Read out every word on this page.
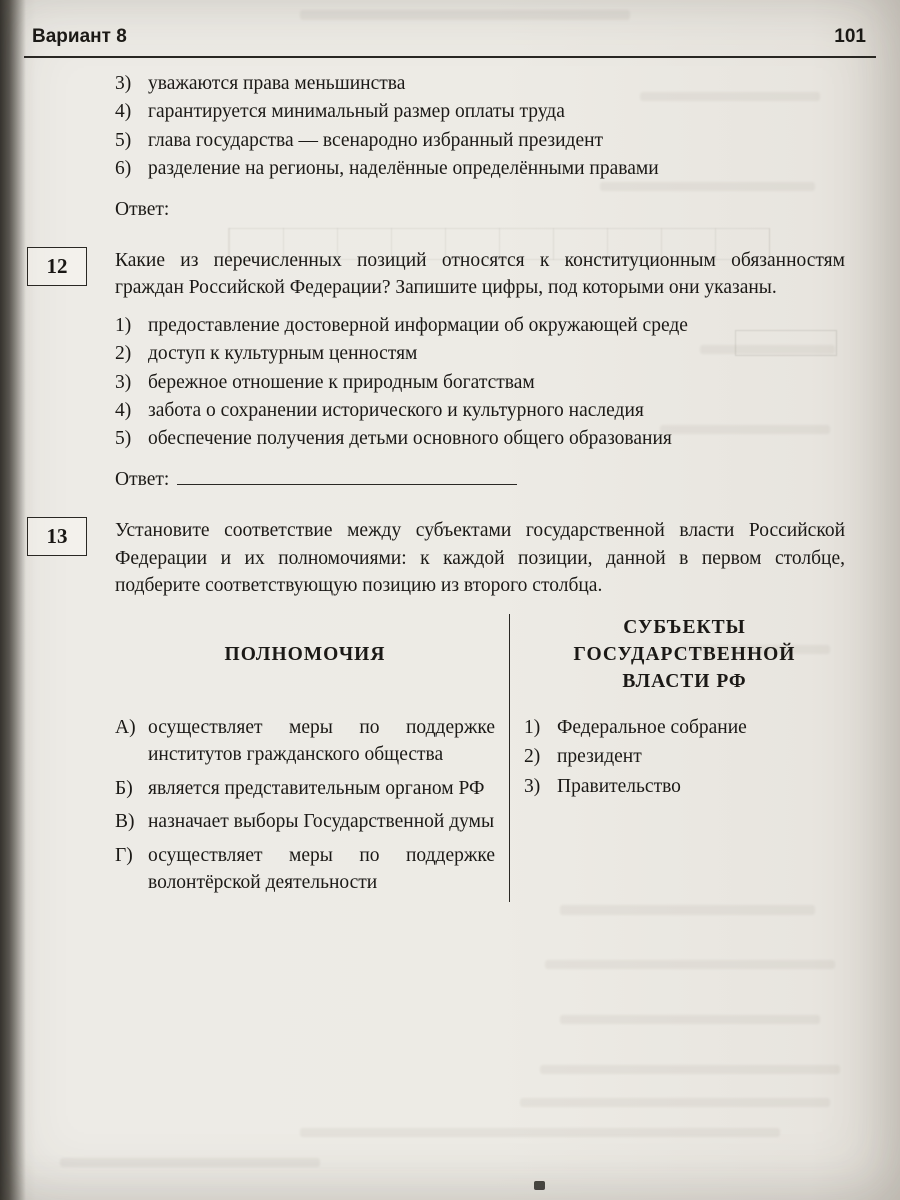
Вариант 8	101
3) уважаются права меньшинства
4) гарантируется минимальный размер оплаты труда
5) глава государства — всенародно избранный президент
6) разделение на регионы, наделённые определёнными правами
Ответ:
12 Какие из перечисленных позиций относятся к конституционным обязанностям граждан Российской Федерации? Запишите цифры, под которыми они указаны.

1) предоставление достоверной информации об окружающей среде
2) доступ к культурным ценностям
3) бережное отношение к природным богатствам
4) забота о сохранении исторического и культурного наследия
5) обеспечение получения детьми основного общего образования
Ответ:
13 Установите соответствие между субъектами государственной власти Российской Федерации и их полномочиями: к каждой позиции, данной в первом столбце, подберите соответствующую позицию из второго столбца.

ПОЛНОМОЧИЯ
А) осуществляет меры по поддержке институтов гражданского общества
Б) является представительным органом РФ
В) назначает выборы Государственной думы
Г) осуществляет меры по поддержке волонтёрской деятельности
СУБЪЕКТЫ
ГОСУДАРСТВЕННОЙ
ВЛАСТИ РФ
1) Федеральное собрание
2) президент
3) Правительство
